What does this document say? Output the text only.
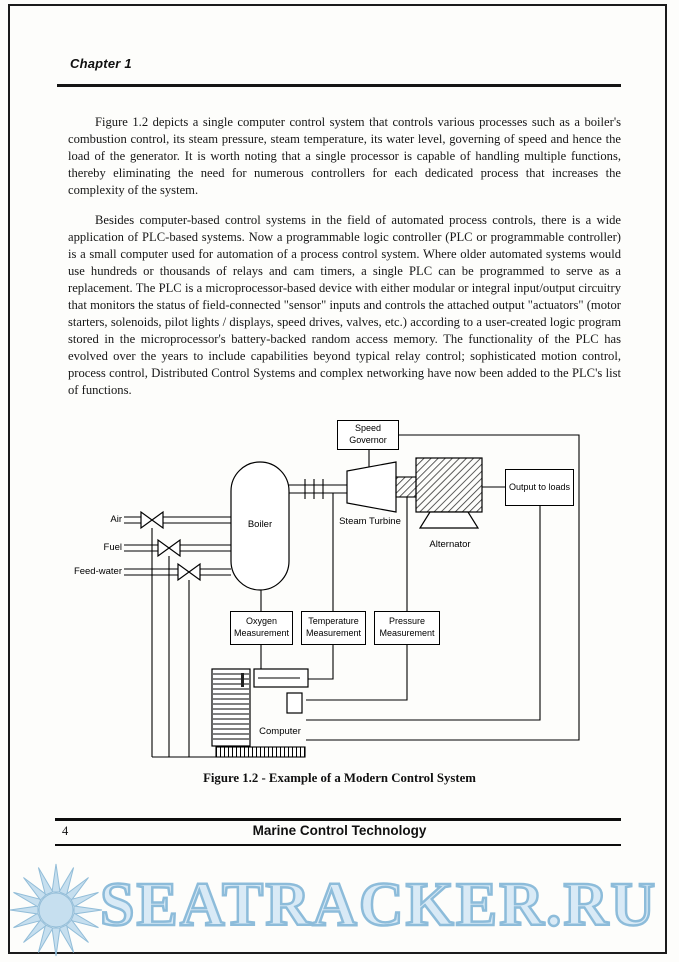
Chapter 1

Figure 1.2 depicts a single computer control system that controls various processes such as a boiler's combustion control, its steam pressure, steam temperature, its water level, governing of speed and hence the load of the generator. It is worth noting that a single processor is capable of handling multiple functions, thereby eliminating the need for numerous controllers for each dedicated process that increases the complexity of the system.

Besides computer-based control systems in the field of automated process controls, there is a wide application of PLC-based systems. Now a programmable logic controller (PLC or programmable controller) is a small computer used for automation of a process control system. Where older automated systems would use hundreds or thousands of relays and cam timers, a single PLC can be programmed to serve as a replacement. The PLC is a microprocessor-based device with either modular or integral input/output circuitry that monitors the status of field-connected "sensor" inputs and controls the attached output "actuators" (motor starters, solenoids, pilot lights / displays, speed drives, valves, etc.) according to a user-created logic program stored in the microprocessor's battery-backed random access memory. The functionality of the PLC has evolved over the years to include capabilities beyond typical relay control; sophisticated motion control, process control, Distributed Control Systems and complex networking have now been added to the PLC's list of functions.

Speed Governor
Output to loads
Oxygen Measurement
Temperature Measurement
Pressure Measurement
Boiler	Steam Turbine
Alternator
Air
Fuel
Feed-water
Computer
Figure 1.2 - Example of a Modern Control System
4	Marine Control Technology
SEATRACKER.RU
